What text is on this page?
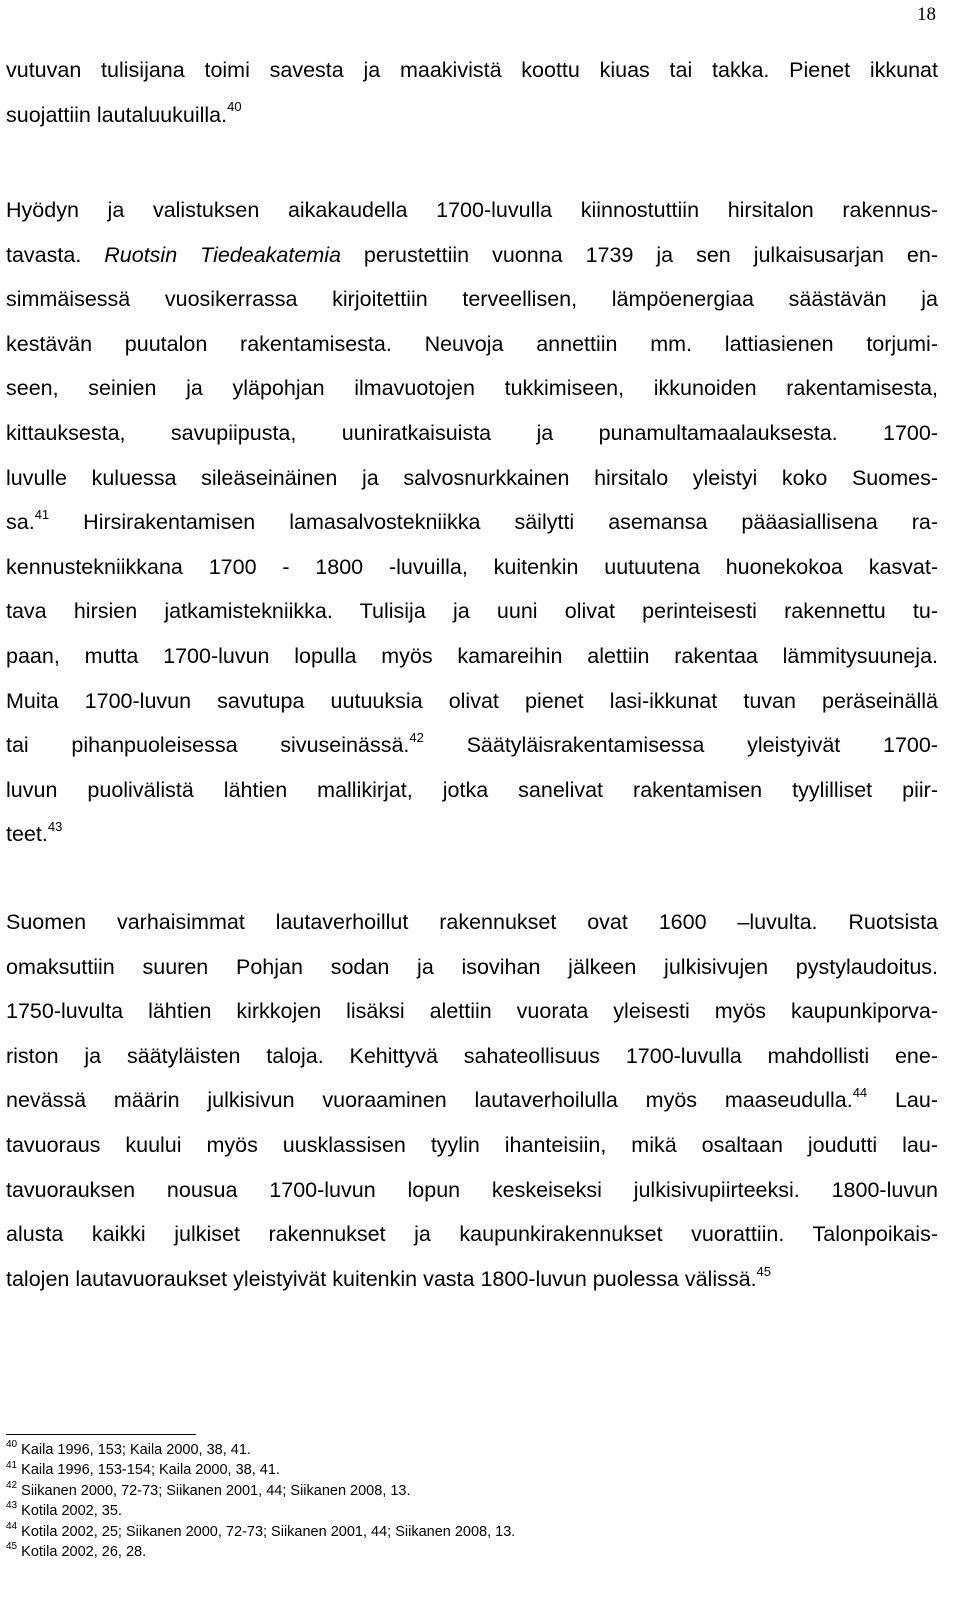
18
vutuvan tulisijana toimi savesta ja maakivistä koottu kiuas tai takka. Pienet ikkunat
suojattiin lautaluukuilla.$^{40}$
Hyödyn ja valistuksen aikakaudella 1700-luvulla kiinnostuttiin hirsitalon rakennus-
tavasta. Ruotsin Tiedeakatemia perustettiin vuonna 1739 ja sen julkaisusarjan en-
simmäisessä vuosikerrassa kirjoitettiin terveellisen, lämpöenergiaa säästävän ja
kestävän puutalon rakentamisesta. Neuvoja annettiin mm. lattiasienen torjumi-
seen, seinien ja yläpohjan ilmavuotojen tukkimiseen, ikkunoiden rakentamisesta,
kittauksesta, savupiipusta, uuniratkaisuista ja punamultamaalauksesta. 1700-
luvulle kuluessa sileäseinäinen ja salvosnurkkainen hirsitalo yleistyi koko Suomes-
sa.$^{41}$ Hirsirakentamisen lamasalvostekniikka säilytti asemansa pääasiallisena ra-
kennustekniikkana 1700 - 1800 -luvuilla, kuitenkin uutuutena huonekokoa kasvat-
tava hirsien jatkamistekniikka. Tulisija ja uuni olivat perinteisesti rakennettu tu-
paan, mutta 1700-luvun lopulla myös kamareihin alettiin rakentaa lämmitysuuneja.
Muita 1700-luvun savutupa uutuuksia olivat pienet lasi-ikkunat tuvan peräseinällä
tai pihanpuoleisessa sivuseinässä.$^{42}$ Säätyläisrakentamisessa yleistyivät 1700-
luvun puolivälistä lähtien mallikirjat, jotka sanelivat rakentamisen tyylilliset piir-
teet.$^{43}$
Suomen varhaisimmat lautaverhoillut rakennukset ovat 1600 –luvulta. Ruotsista
omaksuttiin suuren Pohjan sodan ja isovihan jälkeen julkisivujen pystylaudoitus.
1750-luvulta lähtien kirkkojen lisäksi alettiin vuorata yleisesti myös kaupunkiporva-
riston ja säätyläisten taloja. Kehittyvä sahateollisuus 1700-luvulla mahdollisti ene-
nevässä määrin julkisivun vuoraaminen lautaverhoilulla myös maaseudulla.$^{44}$ Lau-
tavuoraus kuului myös uusklassisen tyylin ihanteisiin, mikä osaltaan joudutti lau-
tavuorauksen nousua 1700-luvun lopun keskeiseksi julkisivupiirteeksi. 1800-luvun
alusta kaikki julkiset rakennukset ja kaupunkirakennukset vuorattiin. Talonpoikais-
talojen lautavuoraukset yleistyivät kuitenkin vasta 1800-luvun puolessa välissä.$^{45}$
$^{40}$ Kaila 1996, 153; Kaila 2000, 38, 41.
$^{41}$ Kaila 1996, 153-154; Kaila 2000, 38, 41.
$^{42}$ Siikanen 2000, 72-73; Siikanen 2001, 44; Siikanen 2008, 13.
$^{43}$ Kotila 2002, 35.
$^{44}$ Kotila 2002, 25; Siikanen 2000, 72-73; Siikanen 2001, 44; Siikanen 2008, 13.
$^{45}$ Kotila 2002, 26, 28.
